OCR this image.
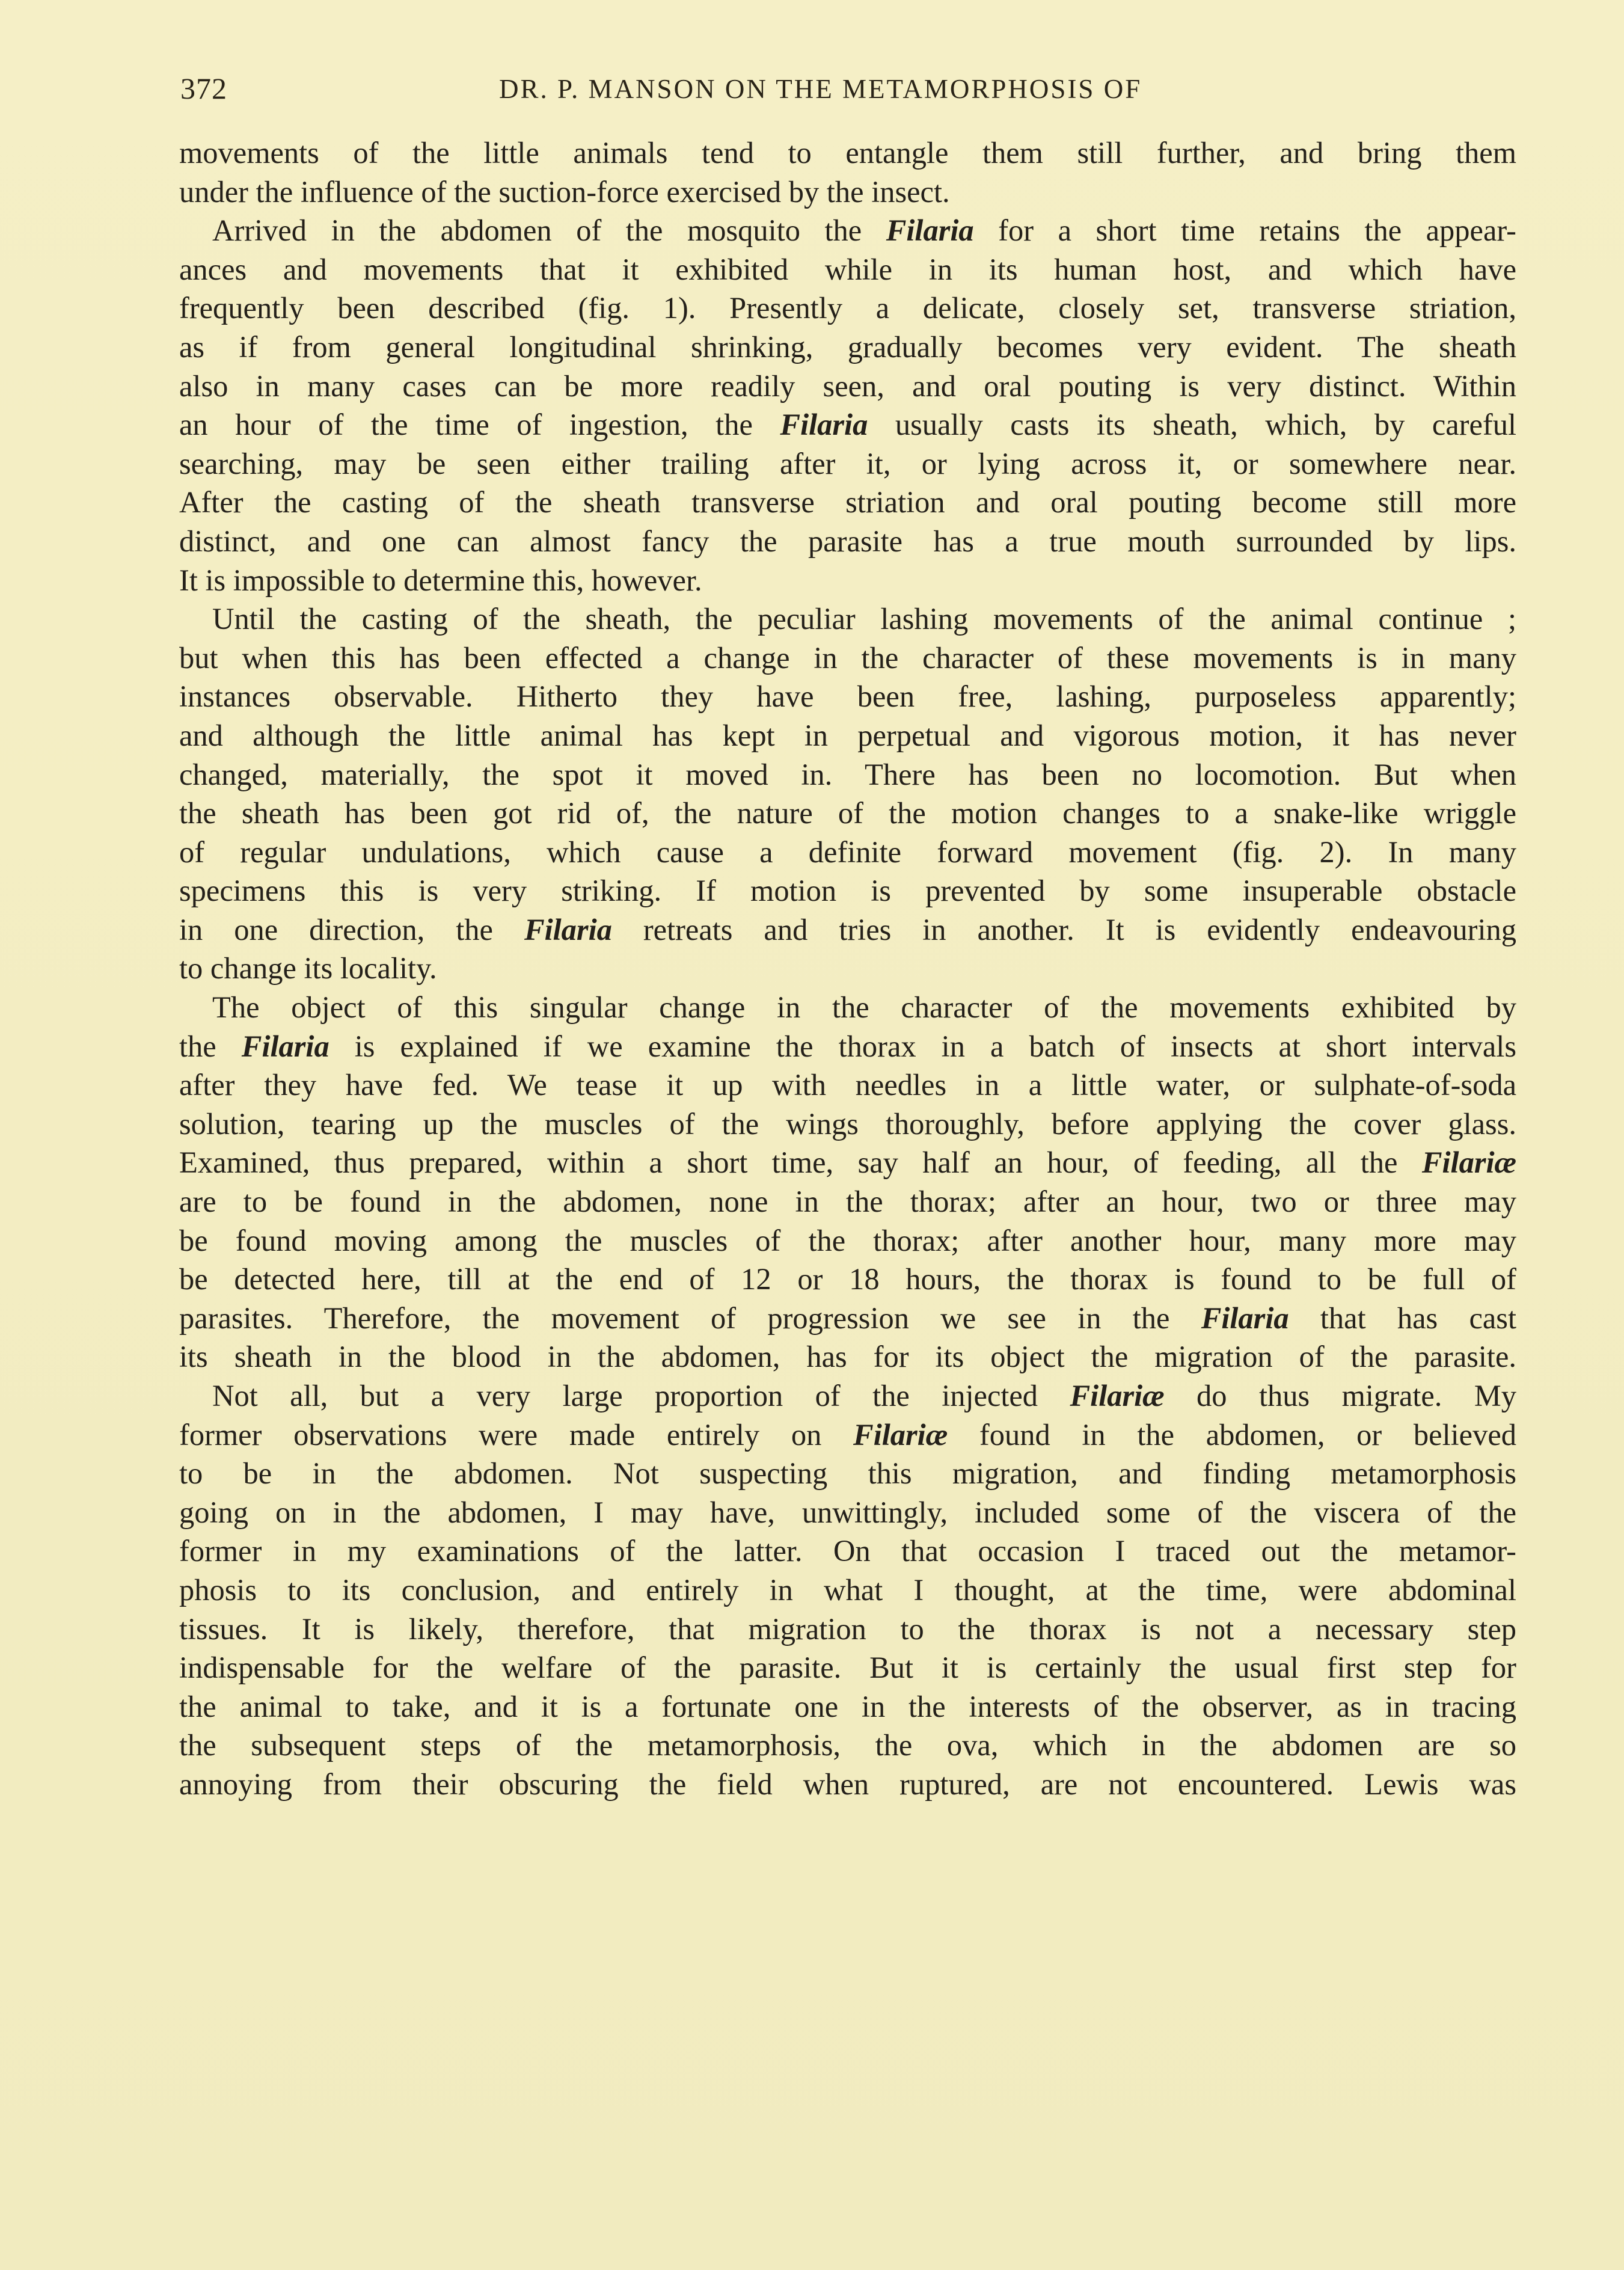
372	DR. P. MANSON ON THE METAMORPHOSIS OF
movements of the little animals tend to entangle them still further, and bring them
under the influence of the suction-force exercised by the insect.
Arrived in the abdomen of the mosquito the Filaria for a short time retains the appear-
ances and movements that it exhibited while in its human host, and which have
frequently been described (fig. 1). Presently a delicate, closely set, transverse striation,
as if from general longitudinal shrinking, gradually becomes very evident. The sheath
also in many cases can be more readily seen, and oral pouting is very distinct. Within
an hour of the time of ingestion, the Filaria usually casts its sheath, which, by careful
searching, may be seen either trailing after it, or lying across it, or somewhere near.
After the casting of the sheath transverse striation and oral pouting become still more
distinct, and one can almost fancy the parasite has a true mouth surrounded by lips.
It is impossible to determine this, however.
Until the casting of the sheath, the peculiar lashing movements of the animal continue ;
but when this has been effected a change in the character of these movements is in many
instances observable. Hitherto they have been free, lashing, purposeless apparently;
and although the little animal has kept in perpetual and vigorous motion, it has never
changed, materially, the spot it moved in. There has been no locomotion. But when
the sheath has been got rid of, the nature of the motion changes to a snake-like wriggle
of regular undulations, which cause a definite forward movement (fig. 2). In many
specimens this is very striking. If motion is prevented by some insuperable obstacle
in one direction, the Filaria retreats and tries in another. It is evidently endeavouring
to change its locality.
The object of this singular change in the character of the movements exhibited by
the Filaria is explained if we examine the thorax in a batch of insects at short intervals
after they have fed. We tease it up with needles in a little water, or sulphate-of-soda
solution, tearing up the muscles of the wings thoroughly, before applying the cover glass.
Examined, thus prepared, within a short time, say half an hour, of feeding, all the Filariæ
are to be found in the abdomen, none in the thorax; after an hour, two or three may
be found moving among the muscles of the thorax; after another hour, many more may
be detected here, till at the end of 12 or 18 hours, the thorax is found to be full of
parasites. Therefore, the movement of progression we see in the Filaria that has cast
its sheath in the blood in the abdomen, has for its object the migration of the parasite.
Not all, but a very large proportion of the injected Filariæ do thus migrate. My
former observations were made entirely on Filariæ found in the abdomen, or believed
to be in the abdomen. Not suspecting this migration, and finding metamorphosis
going on in the abdomen, I may have, unwittingly, included some of the viscera of the
former in my examinations of the latter. On that occasion I traced out the metamor-
phosis to its conclusion, and entirely in what I thought, at the time, were abdominal
tissues. It is likely, therefore, that migration to the thorax is not a necessary step
indispensable for the welfare of the parasite. But it is certainly the usual first step for
the animal to take, and it is a fortunate one in the interests of the observer, as in tracing
the subsequent steps of the metamorphosis, the ova, which in the abdomen are so
annoying from their obscuring the field when ruptured, are not encountered. Lewis was
